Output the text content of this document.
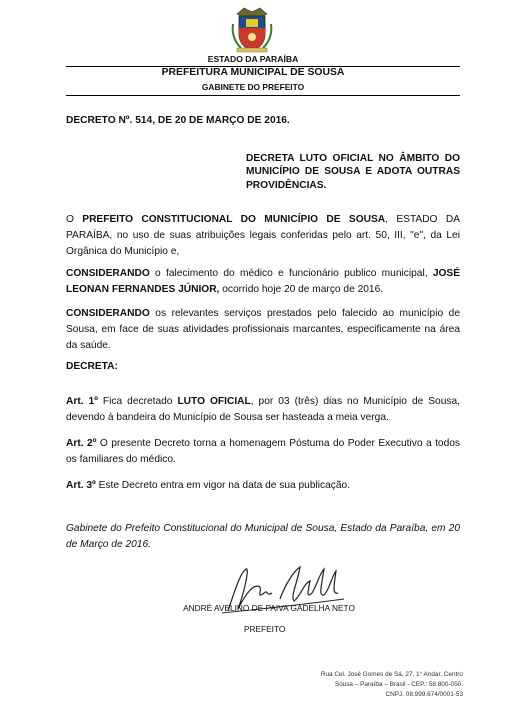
ESTADO DA PARAÍBA
PREFEITURA MUNICIPAL DE SOUSA
GABINETE DO PREFEITO
DECRETO Nº. 514, DE 20 DE MARÇO DE 2016.
DECRETA LUTO OFICIAL NO ÂMBITO DO MUNICÍPIO DE SOUSA E ADOTA OUTRAS PROVIDÊNCIAS.
O PREFEITO CONSTITUCIONAL DO MUNICÍPIO DE SOUSA, ESTADO DA PARAÍBA, no uso de suas atribuições legais conferidas pelo art. 50, III, "e", da Lei Orgânica do Município e,
CONSIDERANDO o falecimento do médico e funcionário publico municipal, JOSÉ LEONAN FERNANDES JÚNIOR, ocorrido hoje 20 de março de 2016.
CONSIDERANDO os relevantes serviços prestados pelo falecido ao município de Sousa, em face de suas atividades profissionais marcantes, especificamente na área da saúde.
DECRETA:
Art. 1º Fica decretado LUTO OFICIAL, por 03 (três) dias no Município de Sousa, devendo à bandeira do Município de Sousa ser hasteada a meia verga.
Art. 2º O presente Decreto torna a homenagem Póstuma do Poder Executivo a todos os familiares do médico.
Art. 3º Este Decreto entra em vigor na data de sua publicação.
Gabinete do Prefeito Constitucional do Municipal de Sousa, Estado da Paraíba, em 20 de Março de 2016.
ANDRÉ AVELINO DE PAIVA GADELHA NETO
PREFEITO
Rua Cel. José Gomes de Sá, 27, 1° Andar, Centro
Sousa – Paraíba – Brasil - CEP.: 58.800-050.
CNPJ. 08.999.674/0001-53
